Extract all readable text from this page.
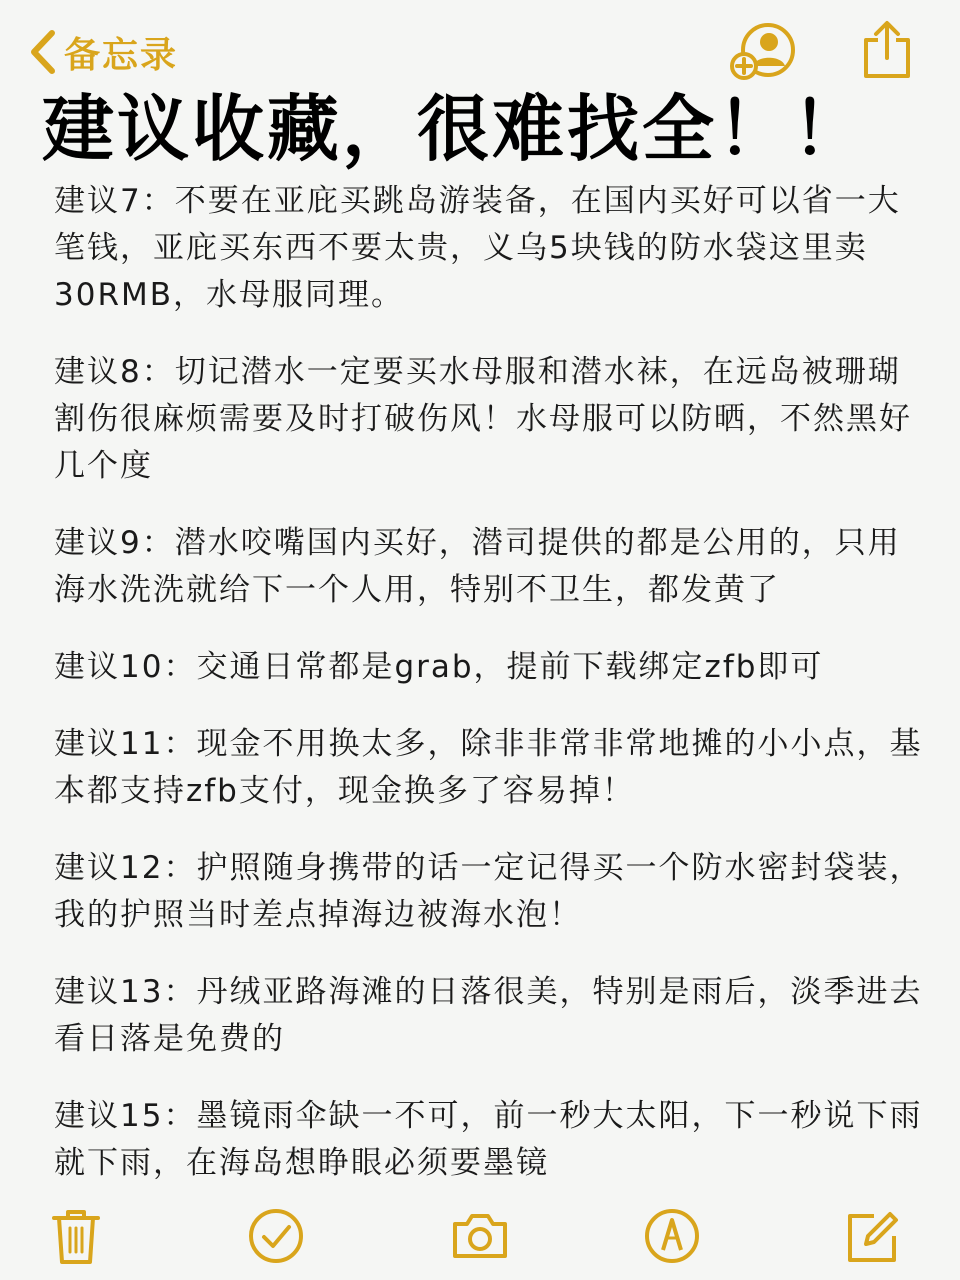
备忘录
建议收藏，很难找全！！

建议7：不要在亚庇买跳岛游装备，在国内买好可以省一大笔钱，亚庇买东西不要太贵，义乌5块钱的防水袋这里卖30RMB，水母服同理。

建议8：切记潜水一定要买水母服和潜水袜，在远岛被珊瑚割伤很麻烦需要及时打破伤风！水母服可以防晒，不然黑好几个度

建议9：潜水咬嘴国内买好，潜司提供的都是公用的，只用海水洗洗就给下一个人用，特别不卫生，都发黄了

建议10：交通日常都是grab，提前下载绑定zfb即可

建议11：现金不用换太多，除非非常非常地摊的小小点，基本都支持zfb支付，现金换多了容易掉！

建议12：护照随身携带的话一定记得买一个防水密封袋装，我的护照当时差点掉海边被海水泡！

建议13：丹绒亚路海滩的日落很美，特别是雨后，淡季进去看日落是免费的

建议15：墨镜雨伞缺一不可，前一秒大太阳，下一秒说下雨就下雨，在海岛想睁眼必须要墨镜
